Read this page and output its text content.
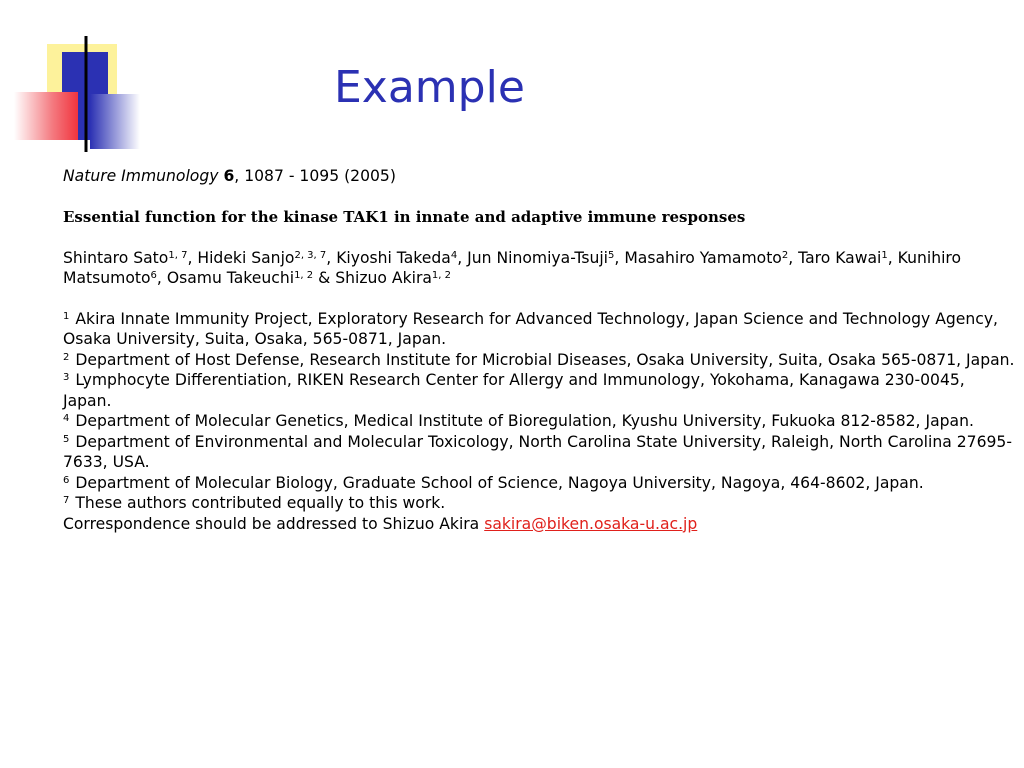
Example

Nature Immunology 6, 1087 - 1095 (2005)

Essential function for the kinase TAK1 in innate and adaptive immune responses

Shintaro Sato$^{1, 7}$, Hideki Sanjo$^{2, 3, 7}$, Kiyoshi Takeda$^4$, Jun Ninomiya-Tsuji$^5$, Masahiro Yamamoto$^2$, Taro Kawai$^1$, Kunihiro Matsumoto$^6$, Osamu Takeuchi$^{1, 2}$ & Shizuo Akira$^{1, 2}$

$^1$ Akira Innate Immunity Project, Exploratory Research for Advanced Technology, Japan Science and Technology Agency, Osaka University, Suita, Osaka, 565-0871, Japan.

$^2$ Department of Host Defense, Research Institute for Microbial Diseases, Osaka University, Suita, Osaka 565-0871, Japan.

$^3$ Lymphocyte Differentiation, RIKEN Research Center for Allergy and Immunology, Yokohama, Kanagawa 230-0045, Japan.

$^4$ Department of Molecular Genetics, Medical Institute of Bioregulation, Kyushu University, Fukuoka 812-8582, Japan.

$^5$ Department of Environmental and Molecular Toxicology, North Carolina State University, Raleigh, North Carolina 27695-7633, USA.

$^6$ Department of Molecular Biology, Graduate School of Science, Nagoya University, Nagoya, 464-8602, Japan.

$^7$ These authors contributed equally to this work.

Correspondence should be addressed to Shizuo Akira sakira@biken.osaka-u.ac.jp
